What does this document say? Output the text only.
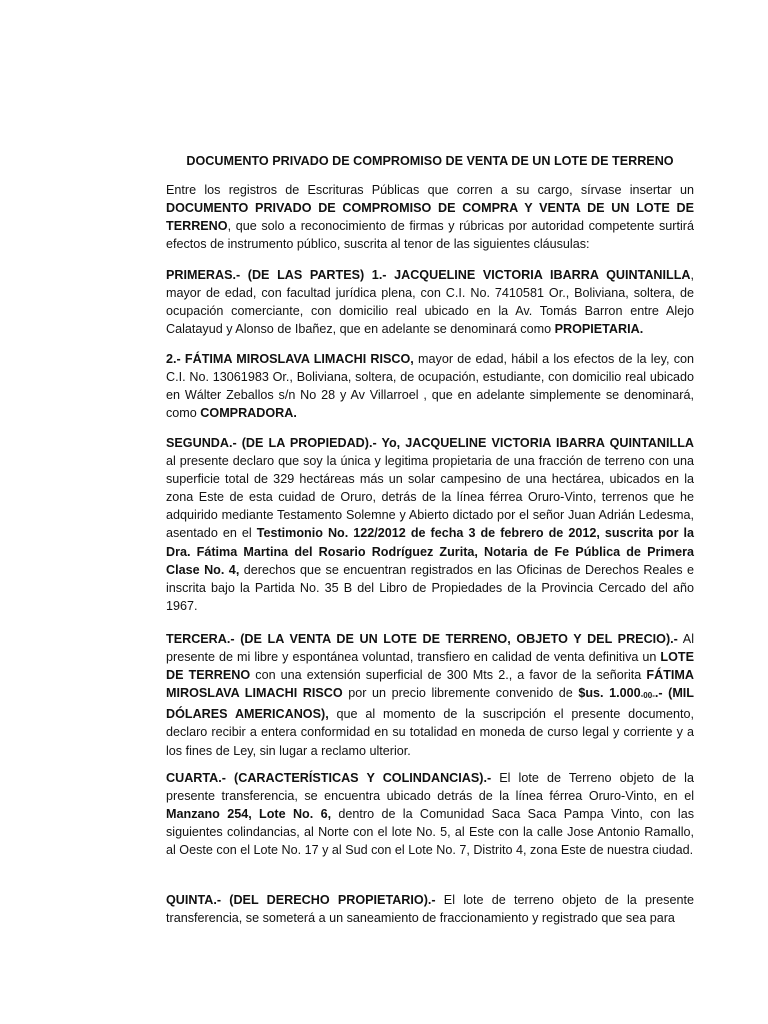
DOCUMENTO PRIVADO DE COMPROMISO DE VENTA DE UN LOTE DE TERRENO

Entre los registros de Escrituras Públicas que corren a su cargo, sírvase insertar un DOCUMENTO PRIVADO DE COMPROMISO DE COMPRA Y VENTA DE UN LOTE DE TERRENO, que solo a reconocimiento de firmas y rúbricas por autoridad competente surtirá efectos de instrumento público, suscrita al tenor de las siguientes cláusulas:

PRIMERAS.- (DE LAS PARTES) 1.- JACQUELINE VICTORIA IBARRA QUINTANILLA, mayor de edad, con facultad jurídica plena, con C.I. No. 7410581 Or., Boliviana, soltera, de ocupación comerciante, con domicilio real ubicado en la Av. Tomás Barron entre Alejo Calatayud y Alonso de Ibañez, que en adelante se denominará como PROPIETARIA.

2.- FÁTIMA MIROSLAVA LIMACHI RISCO, mayor de edad, hábil a los efectos de la ley, con C.I. No. 13061983 Or., Boliviana, soltera, de ocupación, estudiante, con domicilio real ubicado en Wálter Zeballos s/n No 28 y Av Villarroel , que en adelante simplemente se denominará, como COMPRADORA.

SEGUNDA.- (DE LA PROPIEDAD).- Yo, JACQUELINE VICTORIA IBARRA QUINTANILLA al presente declaro que soy la única y legitima propietaria de una fracción de terreno con una superficie total de 329 hectáreas más un solar campesino de una hectárea, ubicados en la zona Este de esta cuidad de Oruro, detrás de la línea férrea Oruro-Vinto, terrenos que he adquirido mediante Testamento Solemne y Abierto dictado por el señor Juan Adrián Ledesma, asentado en el Testimonio No. 122/2012 de fecha 3 de febrero de 2012, suscrita por la Dra. Fátima Martina del Rosario Rodríguez Zurita, Notaria de Fe Pública de Primera Clase No. 4, derechos que se encuentran registrados en las Oficinas de Derechos Reales e inscrita bajo la Partida No. 35 B del Libro de Propiedades de la Provincia Cercado del año 1967.

TERCERA.- (DE LA VENTA DE UN LOTE DE TERRENO, OBJETO Y DEL PRECIO).- Al presente de mi libre y espontánea voluntad, transfiero en calidad de venta definitiva un LOTE DE TERRENO con una extensión superficial de 300 Mts 2., a favor de la señorita FÁTIMA MIROSLAVA LIMACHI RISCO por un precio libremente convenido de $us. $1.000_{-00-}.-$ (MIL DÓLARES AMERICANOS), que al momento de la suscripción el presente documento, declaro recibir a entera conformidad en su totalidad en moneda de curso legal y corriente y a los fines de Ley, sin lugar a reclamo ulterior.

CUARTA.- (CARACTERÍSTICAS Y COLINDANCIAS).- El lote de Terreno objeto de la presente transferencia, se encuentra ubicado detrás de la línea férrea Oruro-Vinto, en el Manzano 254, Lote No. 6, dentro de la Comunidad Saca Saca Pampa Vinto, con las siguientes colindancias, al Norte con el lote No. 5, al Este con la calle Jose Antonio Ramallo, al Oeste con el Lote No. 17 y al Sud con el Lote No. 7, Distrito 4, zona Este de nuestra ciudad.

QUINTA.- (DEL DERECHO PROPIETARIO).- El lote de terreno objeto de la presente transferencia, se someterá a un saneamiento de fraccionamiento y registrado que sea para
